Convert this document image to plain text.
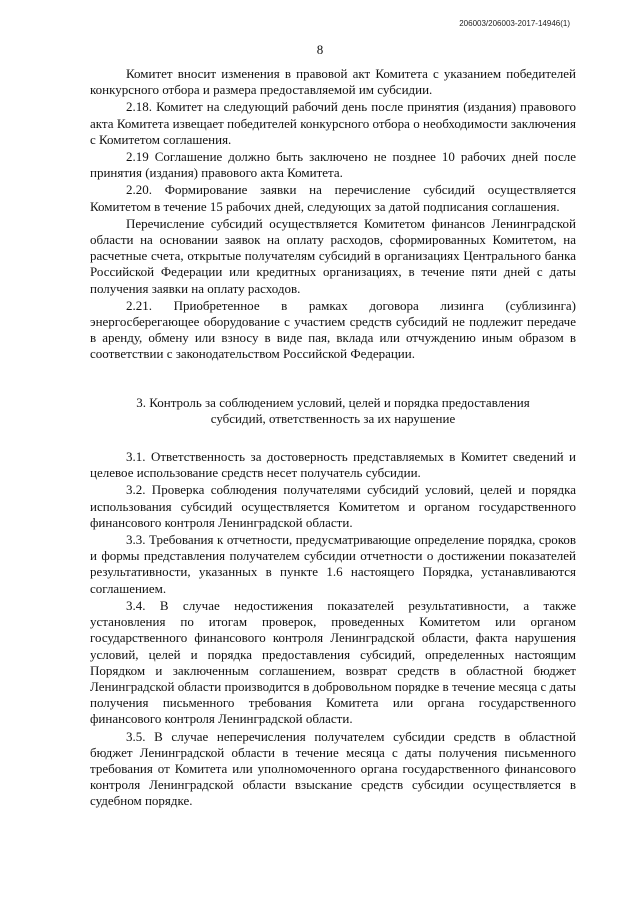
206003/206003-2017-14946(1)
8

Комитет вносит изменения в правовой акт Комитета с указанием победителей конкурсного отбора и размера предоставляемой им субсидии.

2.18. Комитет на следующий рабочий день после принятия (издания) правового акта Комитета извещает победителей конкурсного отбора о необходимости заключения с Комитетом соглашения.

2.19 Соглашение должно быть заключено не позднее 10 рабочих дней после принятия (издания) правового акта Комитета.

2.20. Формирование заявки на перечисление субсидий осуществляется Комитетом в течение 15 рабочих дней, следующих за датой подписания соглашения.

Перечисление субсидий осуществляется Комитетом финансов Ленинградской области на основании заявок на оплату расходов, сформированных Комитетом, на расчетные счета, открытые получателям субсидий в организациях Центрального банка Российской Федерации или кредитных организациях, в течение пяти дней с даты получения заявки на оплату расходов.

2.21. Приобретенное в рамках договора лизинга (сублизинга) энергосберегающее оборудование с участием средств субсидий не подлежит передаче в аренду, обмену или взносу в виде пая, вклада или отчуждению иным образом в соответствии с законодательством Российской Федерации.

3. Контроль за соблюдением условий, целей и порядка предоставления
субсидий, ответственность за их нарушение

3.1. Ответственность за достоверность представляемых в Комитет сведений и целевое использование средств несет получатель субсидии.

3.2. Проверка соблюдения получателями субсидий условий, целей и порядка использования субсидий осуществляется Комитетом и органом государственного финансового контроля Ленинградской области.

3.3. Требования к отчетности, предусматривающие определение порядка, сроков и формы представления получателем субсидии отчетности о достижении показателей результативности, указанных в пункте 1.6 настоящего Порядка, устанавливаются соглашением.

3.4. В случае недостижения показателей результативности, а также установления по итогам проверок, проведенных Комитетом или органом государственного финансового контроля Ленинградской области, факта нарушения условий, целей и порядка предоставления субсидий, определенных настоящим Порядком и заключенным соглашением, возврат средств в областной бюджет Ленинградской области производится в добровольном порядке в течение месяца с даты получения письменного требования Комитета или органа государственного финансового контроля Ленинградской области.

3.5. В случае неперечисления получателем субсидии средств в областной бюджет Ленинградской области в течение месяца с даты получения письменного требования от Комитета или уполномоченного органа государственного финансового контроля Ленинградской области взыскание средств субсидии осуществляется в судебном порядке.
